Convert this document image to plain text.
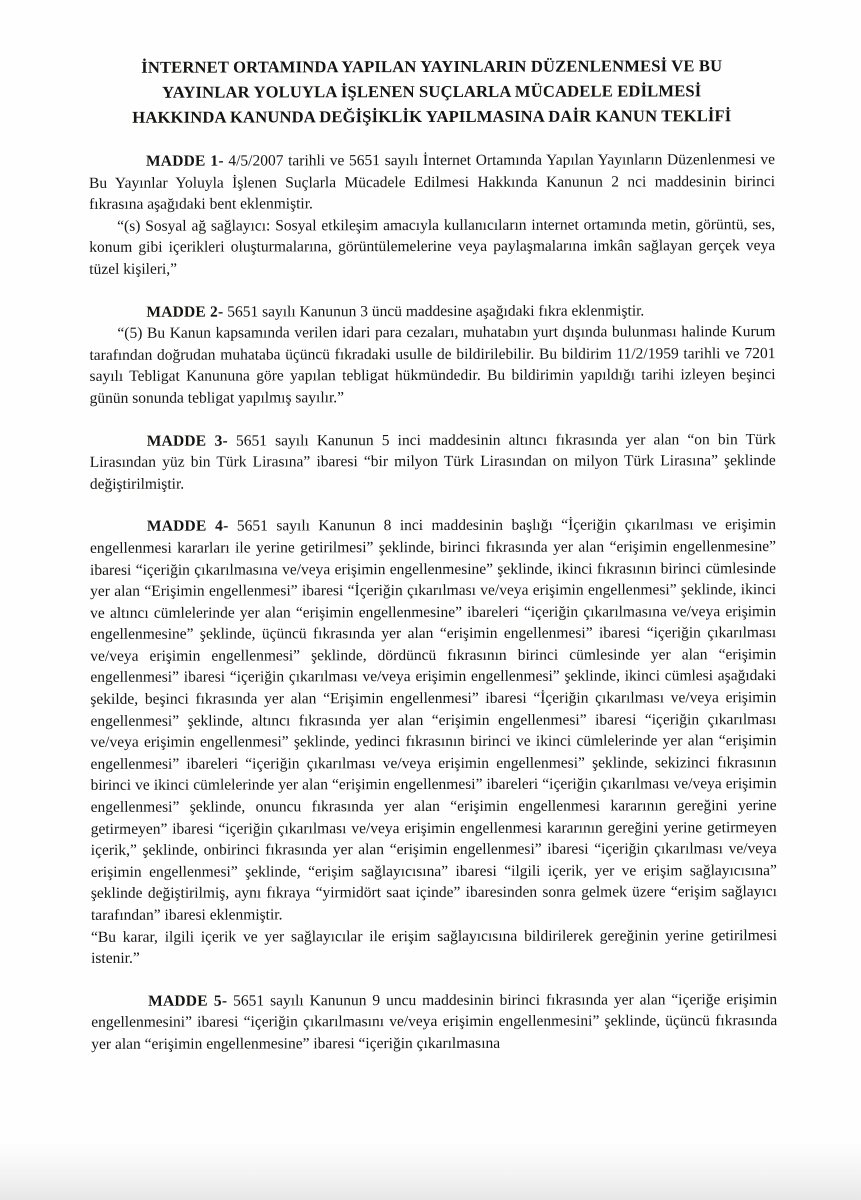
İNTERNET ORTAMINDA YAPILAN YAYINLARIN DÜZENLENMESİ VE BU
YAYINLAR YOLUYLA İŞLENEN SUÇLARLA MÜCADELE EDİLMESİ
HAKKINDA KANUNDA DEĞİŞİKLİK YAPILMASINA DAİR KANUN TEKLİFİ

MADDE 1- 4/5/2007 tarihli ve 5651 sayılı İnternet Ortamında Yapılan Yayınların Düzenlenmesi ve Bu Yayınlar Yoluyla İşlenen Suçlarla Mücadele Edilmesi Hakkında Kanunun 2 nci maddesinin birinci fıkrasına aşağıdaki bent eklenmiştir.

“(s) Sosyal ağ sağlayıcı: Sosyal etkileşim amacıyla kullanıcıların internet ortamında metin, görüntü, ses, konum gibi içerikleri oluşturmalarına, görüntülemelerine veya paylaşmalarına imkân sağlayan gerçek veya tüzel kişileri,”

MADDE 2- 5651 sayılı Kanunun 3 üncü maddesine aşağıdaki fıkra eklenmiştir.

“(5) Bu Kanun kapsamında verilen idari para cezaları, muhatabın yurt dışında bulunması halinde Kurum tarafından doğrudan muhataba üçüncü fıkradaki usulle de bildirilebilir. Bu bildirim 11/2/1959 tarihli ve 7201 sayılı Tebligat Kanununa göre yapılan tebligat hükmündedir. Bu bildirimin yapıldığı tarihi izleyen beşinci günün sonunda tebligat yapılmış sayılır.”

MADDE 3- 5651 sayılı Kanunun 5 inci maddesinin altıncı fıkrasında yer alan “on bin Türk Lirasından yüz bin Türk Lirasına” ibaresi “bir milyon Türk Lirasından on milyon Türk Lirasına” şeklinde değiştirilmiştir.

MADDE 4- 5651 sayılı Kanunun 8 inci maddesinin başlığı “İçeriğin çıkarılması ve erişimin engellenmesi kararları ile yerine getirilmesi” şeklinde, birinci fıkrasında yer alan “erişimin engellenmesine” ibaresi “içeriğin çıkarılmasına ve/veya erişimin engellenmesine” şeklinde, ikinci fıkrasının birinci cümlesinde yer alan “Erişimin engellenmesi” ibaresi “İçeriğin çıkarılması ve/veya erişimin engellenmesi” şeklinde, ikinci ve altıncı cümlelerinde yer alan “erişimin engellenmesine” ibareleri “içeriğin çıkarılmasına ve/veya erişimin engellenmesine” şeklinde, üçüncü fıkrasında yer alan “erişimin engellenmesi” ibaresi “içeriğin çıkarılması ve/veya erişimin engellenmesi” şeklinde, dördüncü fıkrasının birinci cümlesinde yer alan “erişimin engellenmesi” ibaresi “içeriğin çıkarılması ve/veya erişimin engellenmesi” şeklinde, ikinci cümlesi aşağıdaki şekilde, beşinci fıkrasında yer alan “Erişimin engellenmesi” ibaresi “İçeriğin çıkarılması ve/veya erişimin engellenmesi” şeklinde, altıncı fıkrasında yer alan “erişimin engellenmesi” ibaresi “içeriğin çıkarılması ve/veya erişimin engellenmesi” şeklinde, yedinci fıkrasının birinci ve ikinci cümlelerinde yer alan “erişimin engellenmesi” ibareleri “içeriğin çıkarılması ve/veya erişimin engellenmesi” şeklinde, sekizinci fıkrasının birinci ve ikinci cümlelerinde yer alan “erişimin engellenmesi” ibareleri “içeriğin çıkarılması ve/veya erişimin engellenmesi” şeklinde, onuncu fıkrasında yer alan “erişimin engellenmesi kararının gereğini yerine getirmeyen” ibaresi “içeriğin çıkarılması ve/veya erişimin engellenmesi kararının gereğini yerine getirmeyen içerik,” şeklinde, onbirinci fıkrasında yer alan “erişimin engellenmesi” ibaresi “içeriğin çıkarılması ve/veya erişimin engellenmesi” şeklinde, “erişim sağlayıcısına” ibaresi “ilgili içerik, yer ve erişim sağlayıcısına” şeklinde değiştirilmiş, aynı fıkraya “yirmidört saat içinde” ibaresinden sonra gelmek üzere “erişim sağlayıcı tarafından” ibaresi eklenmiştir.

“Bu karar, ilgili içerik ve yer sağlayıcılar ile erişim sağlayıcısına bildirilerek gereğinin yerine getirilmesi istenir.”

MADDE 5- 5651 sayılı Kanunun 9 uncu maddesinin birinci fıkrasında yer alan “içeriğe erişimin engellenmesini” ibaresi “içeriğin çıkarılmasını ve/veya erişimin engellenmesini” şeklinde, üçüncü fıkrasında yer alan “erişimin engellenmesine” ibaresi “içeriğin çıkarılmasına
